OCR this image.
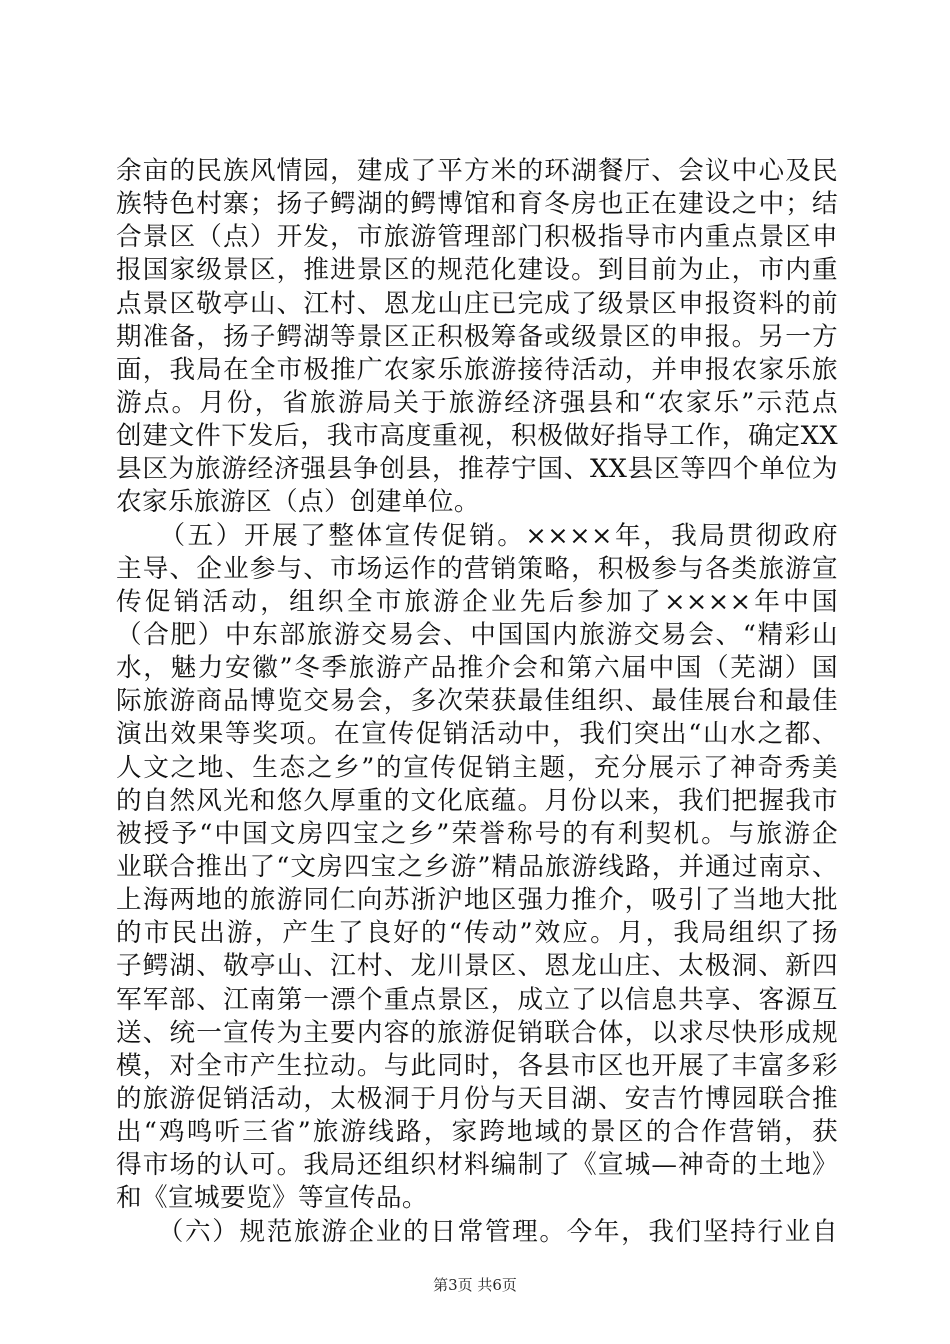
余亩的民族风情园，建成了平方米的环湖餐厅、会议中心及民
族特色村寨；扬子鳄湖的鳄博馆和育冬房也正在建设之中；结
合景区（点）开发，市旅游管理部门积极指导市内重点景区申
报国家级景区，推进景区的规范化建设。到目前为止，市内重
点景区敬亭山、江村、恩龙山庄已完成了级景区申报资料的前
期准备，扬子鳄湖等景区正积极筹备或级景区的申报。另一方
面，我局在全市极推广农家乐旅游接待活动，并申报农家乐旅
游点。月份，省旅游局关于旅游经济强县和“农家乐”示范点
创建文件下发后，我市高度重视，积极做好指导工作，确定XX
县区为旅游经济强县争创县，推荐宁国、XX县区等四个单位为
农家乐旅游区（点）创建单位。
　　（五）开展了整体宣传促销。××××年，我局贯彻政府
主导、企业参与、市场运作的营销策略，积极参与各类旅游宣
传促销活动，组织全市旅游企业先后参加了××××年中国
（合肥）中东部旅游交易会、中国国内旅游交易会、“精彩山
水，魅力安徽”冬季旅游产品推介会和第六届中国（芜湖）国
际旅游商品博览交易会，多次荣获最佳组织、最佳展台和最佳
演出效果等奖项。在宣传促销活动中，我们突出“山水之都、
人文之地、生态之乡”的宣传促销主题，充分展示了神奇秀美
的自然风光和悠久厚重的文化底蕴。月份以来，我们把握我市
被授予“中国文房四宝之乡”荣誉称号的有利契机。与旅游企
业联合推出了“文房四宝之乡游”精品旅游线路，并通过南京、
上海两地的旅游同仁向苏浙沪地区强力推介，吸引了当地大批
的市民出游，产生了良好的“传动”效应。月，我局组织了扬
子鳄湖、敬亭山、江村、龙川景区、恩龙山庄、太极洞、新四
军军部、江南第一漂个重点景区，成立了以信息共享、客源互
送、统一宣传为主要内容的旅游促销联合体，以求尽快形成规
模，对全市产生拉动。与此同时，各县市区也开展了丰富多彩
的旅游促销活动，太极洞于月份与天目湖、安吉竹博园联合推
出“鸡鸣听三省”旅游线路，家跨地域的景区的合作营销，获
得市场的认可。我局还组织材料编制了《宣城—神奇的土地》
和《宣城要览》等宣传品。
　　（六）规范旅游企业的日常管理。今年，我们坚持行业自
第3页 共6页
